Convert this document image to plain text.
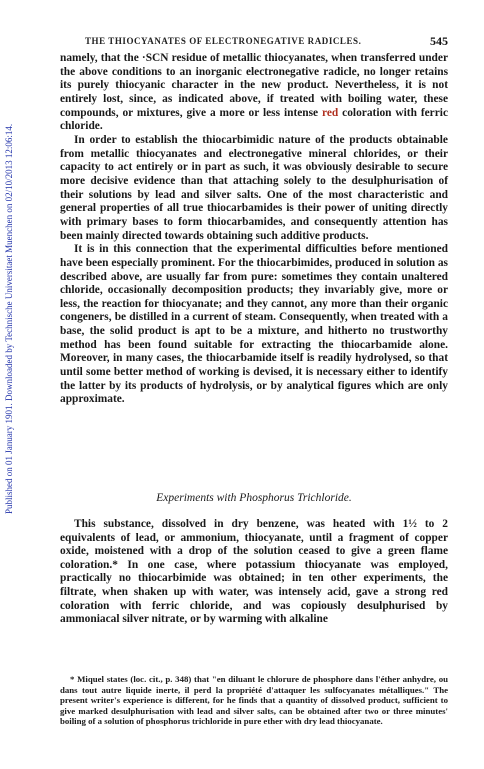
Published on 01 January 1901. Downloaded by Technische Universitaet Muenchen on 02/10/2013 12:06:14.
THE THIOCYANATES OF ELECTRONEGATIVE RADICLES.	545

namely, that the ·SCN residue of metallic thiocyanates, when transferred under the above conditions to an inorganic electronegative radicle, no longer retains its purely thiocyanic character in the new product. Nevertheless, it is not entirely lost, since, as indicated above, if treated with boiling water, these compounds, or mixtures, give a more or less intense red coloration with ferric chloride.

In order to establish the thiocarbimidic nature of the products obtainable from metallic thiocyanates and electronegative mineral chlorides, or their capacity to act entirely or in part as such, it was obviously desirable to secure more decisive evidence than that attaching solely to the desulphurisation of their solutions by lead and silver salts. One of the most characteristic and general properties of all true thiocarbamides is their power of uniting directly with primary bases to form thiocarbamides, and consequently attention has been mainly directed towards obtaining such additive products.

It is in this connection that the experimental difficulties before mentioned have been especially prominent. For the thiocarbimides, produced in solution as described above, are usually far from pure: sometimes they contain unaltered chloride, occasionally decomposition products; they invariably give, more or less, the reaction for thiocyanate; and they cannot, any more than their organic congeners, be distilled in a current of steam. Consequently, when treated with a base, the solid product is apt to be a mixture, and hitherto no trustworthy method has been found suitable for extracting the thiocarbamide alone. Moreover, in many cases, the thiocarbamide itself is readily hydrolysed, so that until some better method of working is devised, it is necessary either to identify the latter by its products of hydrolysis, or by analytical figures which are only approximate.

Experiments with Phosphorus Trichloride.

This substance, dissolved in dry benzene, was heated with 1½ to 2 equivalents of lead, or ammonium, thiocyanate, until a fragment of copper oxide, moistened with a drop of the solution ceased to give a green flame coloration.* In one case, where potassium thiocyanate was employed, practically no thiocarbimide was obtained; in ten other experiments, the filtrate, when shaken up with water, was intensely acid, gave a strong red coloration with ferric chloride, and was copiously desulphurised by ammoniacal silver nitrate, or by warming with alkaline

* Miquel states (loc. cit., p. 348) that "en diluant le chlorure de phosphore dans l'éther anhydre, ou dans tout autre liquide inerte, il perd la propriété d'attaquer les sulfocyanates métalliques." The present writer's experience is different, for he finds that a quantity of dissolved product, sufficient to give marked desulphurisation with lead and silver salts, can be obtained after two or three minutes' boiling of a solution of phosphorus trichloride in pure ether with dry lead thiocyanate.
